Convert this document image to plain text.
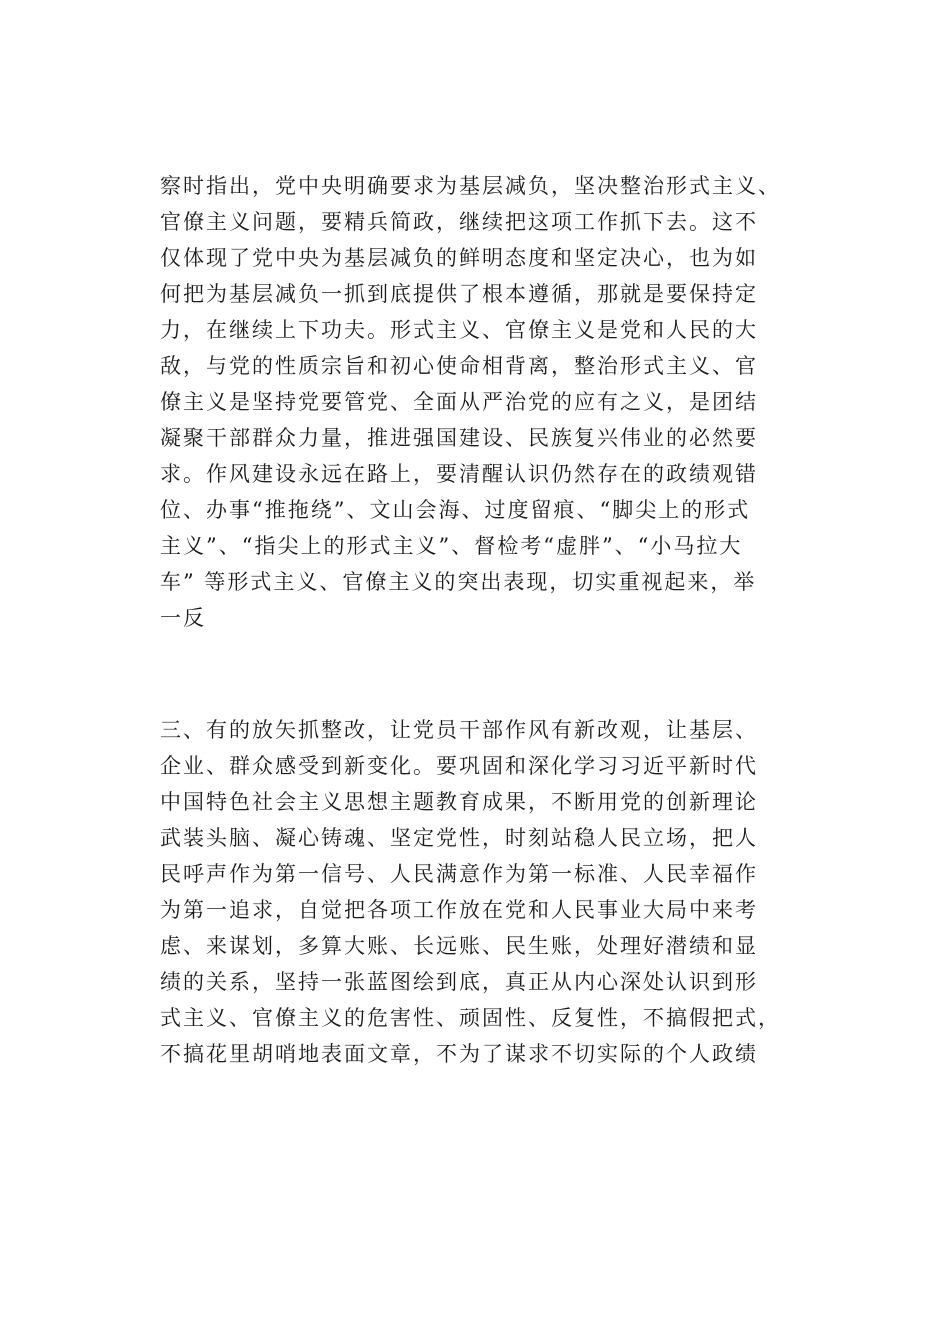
察时指出，党中央明确要求为基层减负，坚决整治形式主义、
官僚主义问题，要精兵简政，继续把这项工作抓下去。这不
仅体现了党中央为基层减负的鲜明态度和坚定决心，也为如
何把为基层减负一抓到底提供了根本遵循，那就是要保持定
力，在继续上下功夫。形式主义、官僚主义是党和人民的大
敌，与党的性质宗旨和初心使命相背离，整治形式主义、官
僚主义是坚持党要管党、全面从严治党的应有之义，是团结
凝聚干部群众力量，推进强国建设、民族复兴伟业的必然要
求。作风建设永远在路上，要清醒认识仍然存在的政绩观错
位、办事“推拖绕”、文山会海、过度留痕、“脚尖上的形式
主义”、“指尖上的形式主义”、督检考“虚胖”、“小马拉大
车” 等形式主义、官僚主义的突出表现，切实重视起来，举
一反
三、有的放矢抓整改，让党员干部作风有新改观，让基层、
企业、群众感受到新变化。要巩固和深化学习习近平新时代
中国特色社会主义思想主题教育成果，不断用党的创新理论
武装头脑、凝心铸魂、坚定党性，时刻站稳人民立场，把人
民呼声作为第一信号、人民满意作为第一标准、人民幸福作
为第一追求，自觉把各项工作放在党和人民事业大局中来考
虑、来谋划，多算大账、长远账、民生账，处理好潜绩和显
绩的关系，坚持一张蓝图绘到底，真正从内心深处认识到形
式主义、官僚主义的危害性、顽固性、反复性，不搞假把式，
不搞花里胡哨地表面文章，不为了谋求不切实际的个人政绩
